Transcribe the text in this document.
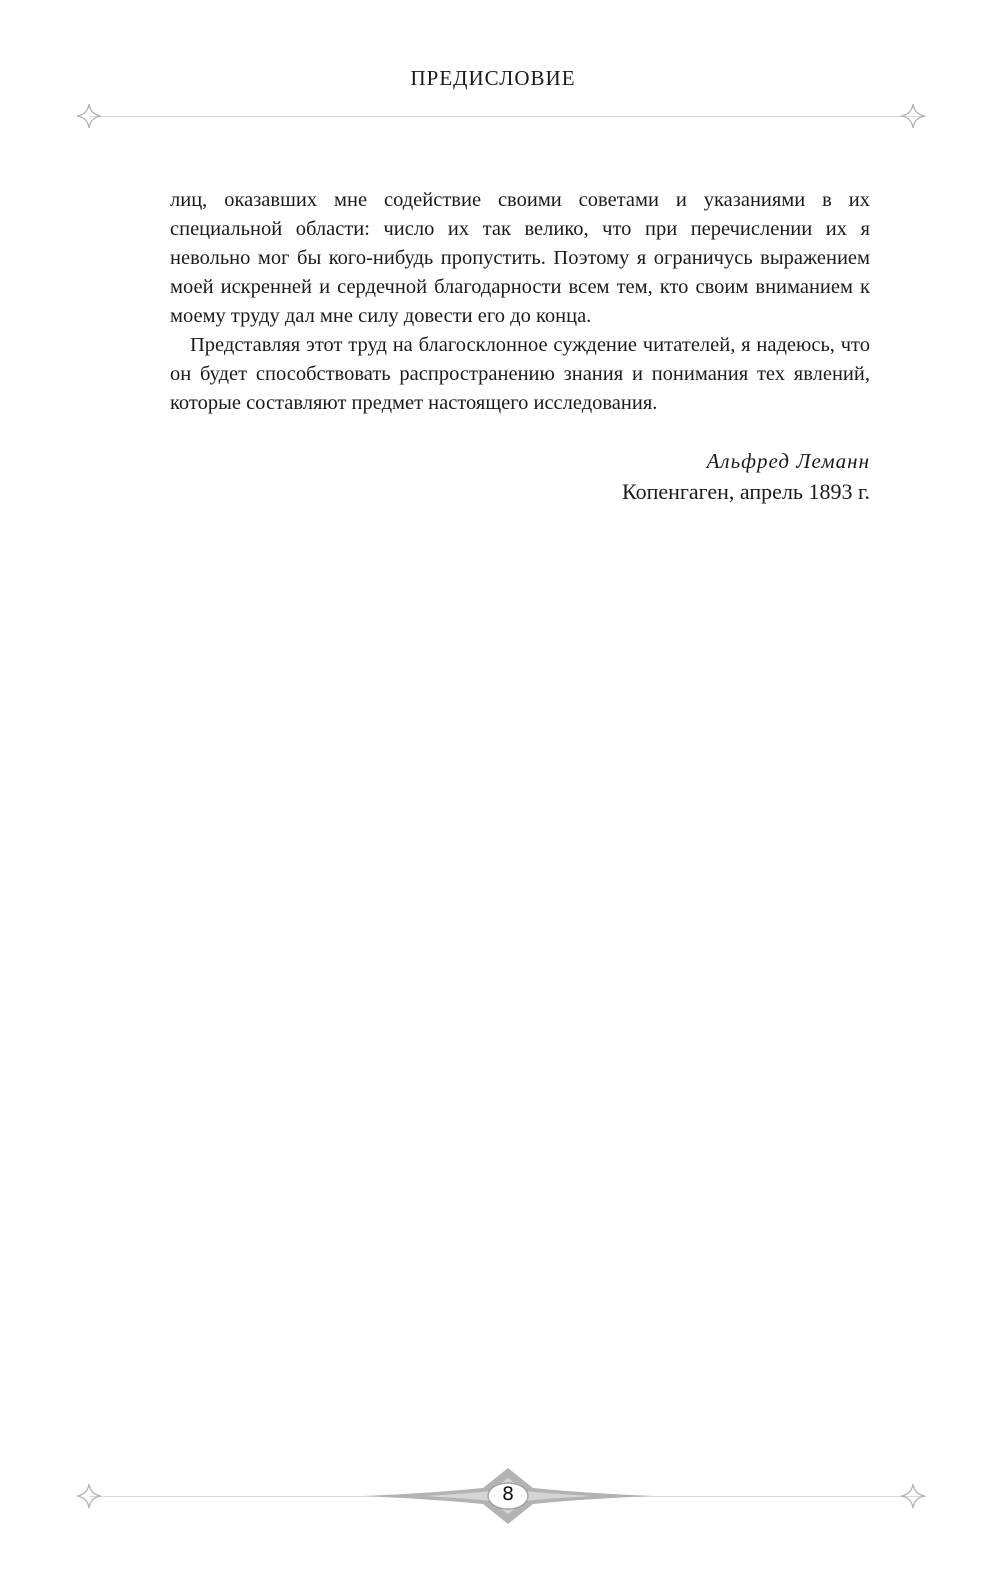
ПРЕДИСЛОВИЕ

лиц, оказавших мне содействие своими советами и указаниями в их специальной области: число их так велико, что при перечислении их я невольно мог бы кого-нибудь пропустить. Поэтому я ограничусь выражением моей искренней и сердечной благодарности всем тем, кто своим вниманием к моему труду дал мне силу довести его до конца.

Представляя этот труд на благосклонное суждение читателей, я надеюсь, что он будет способствовать распространению знания и понимания тех явлений, которые составляют предмет настоящего исследования.

Альфред Леманн
Копенгаген, апрель 1893 г.
8
